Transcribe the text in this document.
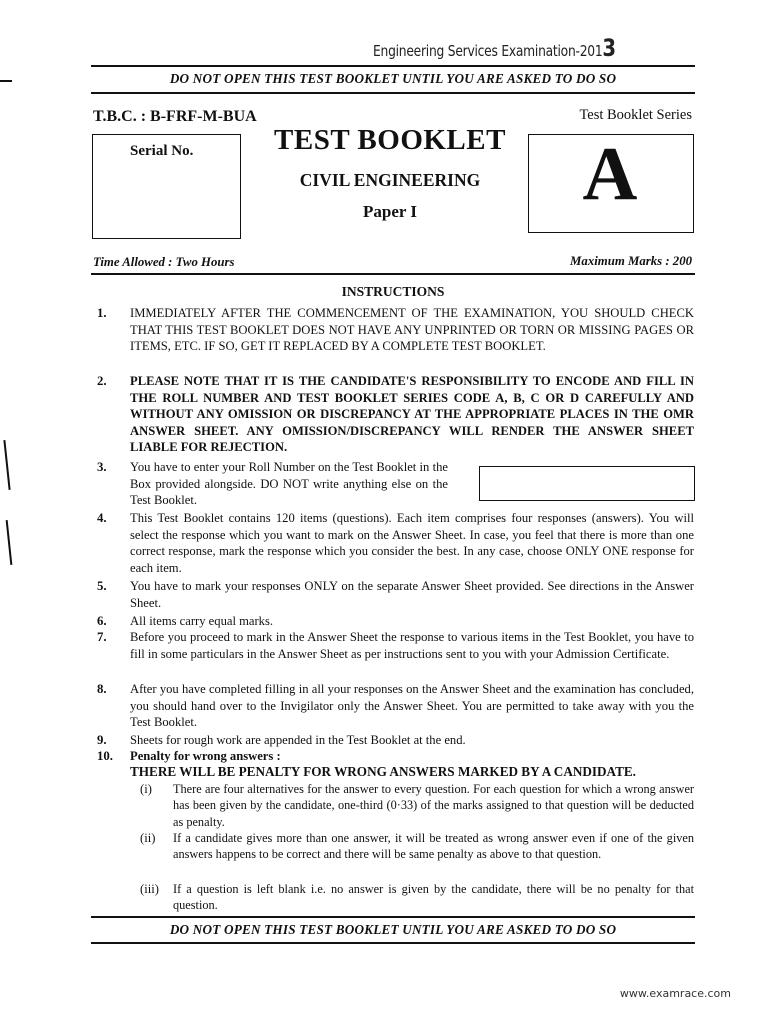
Engineering Services Examination-2013
DO NOT OPEN THIS TEST BOOKLET UNTIL YOU ARE ASKED TO DO SO
T.B.C. : B-FRF-M-BUA	Test Booklet Series
Serial No.	TEST BOOKLET
CIVIL ENGINEERING
Paper I	A
Time Allowed : Two Hours	Maximum Marks : 200
INSTRUCTIONS
1. IMMEDIATELY AFTER THE COMMENCEMENT OF THE EXAMINATION, YOU SHOULD CHECK THAT THIS TEST BOOKLET DOES NOT HAVE ANY UNPRINTED OR TORN OR MISSING PAGES OR ITEMS, ETC. IF SO, GET IT REPLACED BY A COMPLETE TEST BOOKLET.
2. PLEASE NOTE THAT IT IS THE CANDIDATE'S RESPONSIBILITY TO ENCODE AND FILL IN THE ROLL NUMBER AND TEST BOOKLET SERIES CODE A, B, C OR D CAREFULLY AND WITHOUT ANY OMISSION OR DISCREPANCY AT THE APPROPRIATE PLACES IN THE OMR ANSWER SHEET. ANY OMISSION/DISCREPANCY WILL RENDER THE ANSWER SHEET LIABLE FOR REJECTION.
3. You have to enter your Roll Number on the Test Booklet in the Box provided alongside. DO NOT write anything else on the Test Booklet.
4. This Test Booklet contains 120 items (questions). Each item comprises four responses (answers). You will select the response which you want to mark on the Answer Sheet. In case, you feel that there is more than one correct response, mark the response which you consider the best. In any case, choose ONLY ONE response for each item.
5. You have to mark your responses ONLY on the separate Answer Sheet provided. See directions in the Answer Sheet.
6. All items carry equal marks.
7. Before you proceed to mark in the Answer Sheet the response to various items in the Test Booklet, you have to fill in some particulars in the Answer Sheet as per instructions sent to you with your Admission Certificate.
8. After you have completed filling in all your responses on the Answer Sheet and the examination has concluded, you should hand over to the Invigilator only the Answer Sheet. You are permitted to take away with you the Test Booklet.
9. Sheets for rough work are appended in the Test Booklet at the end.
10. Penalty for wrong answers :
THERE WILL BE PENALTY FOR WRONG ANSWERS MARKED BY A CANDIDATE.
(i) There are four alternatives for the answer to every question. For each question for which a wrong answer has been given by the candidate, one-third (0·33) of the marks assigned to that question will be deducted as penalty.
(ii) If a candidate gives more than one answer, it will be treated as wrong answer even if one of the given answers happens to be correct and there will be same penalty as above to that question.
(iii) If a question is left blank i.e. no answer is given by the candidate, there will be no penalty for that question.
DO NOT OPEN THIS TEST BOOKLET UNTIL YOU ARE ASKED TO DO SO
www.examrace.com
